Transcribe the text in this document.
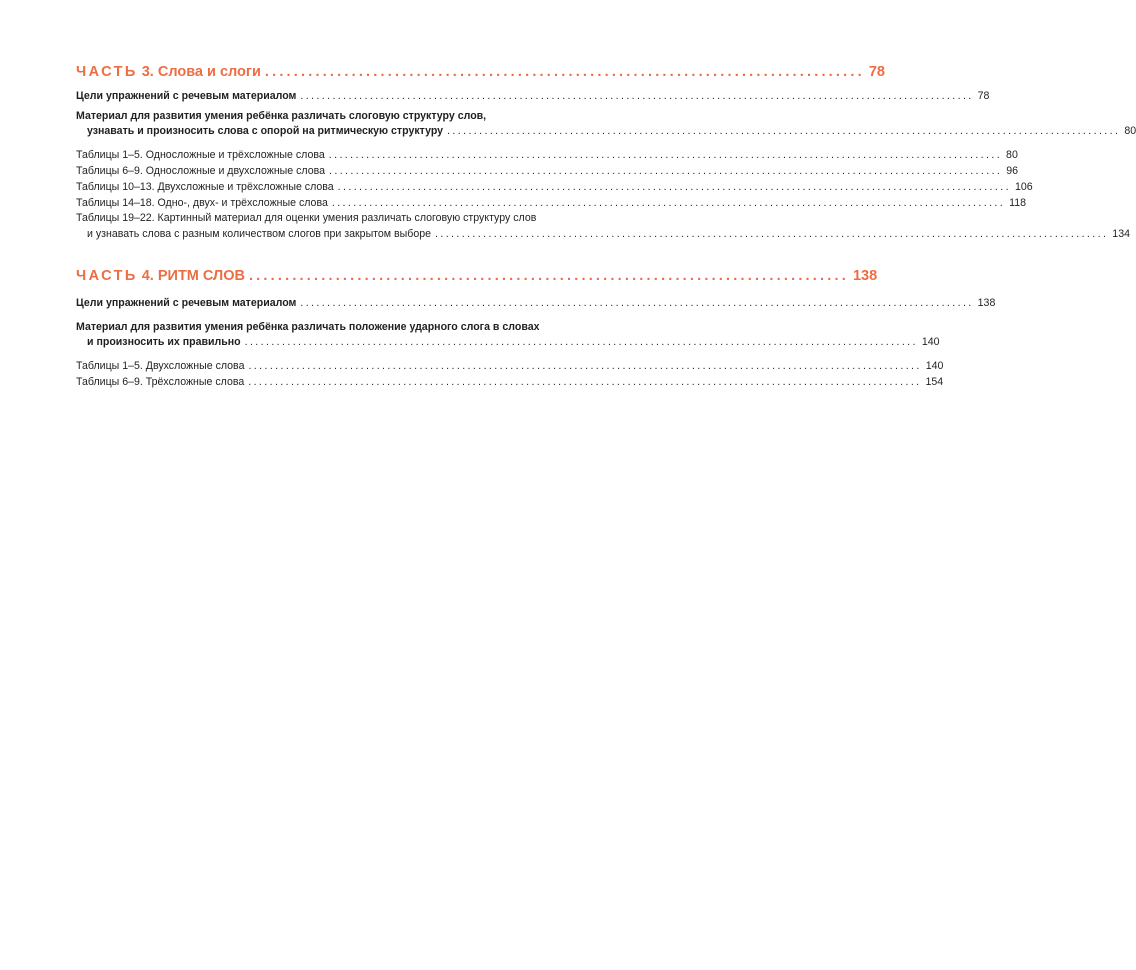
ЧАСТЬ 3. Слова и слоги ................................................................................... 78
Цели упражнений с речевым материалом .............................................................................................................................. 78
Материал для развития умения ребёнка различать слоговую структуру слов,
узнавать и произносить слова с опорой на ритмическую структуру .............................................................................................................................. 80
Таблицы 1–5. Односложные и трёхсложные слова .............................................................................................................................. 80
Таблицы 6–9. Односложные и двухсложные слова .............................................................................................................................. 96
Таблицы 10–13. Двухсложные и трёхсложные слова .............................................................................................................................. 106
Таблицы 14–18. Одно-, двух- и трёхсложные слова .............................................................................................................................. 118
Таблицы 19–22. Картинный материал для оценки умения различать слоговую структуру слов
и узнавать слова с разным количеством слогов при закрытом выборе .............................................................................................................................. 134
ЧАСТЬ 4. РИТМ СЛОВ ................................................................................... 138
Цели упражнений с речевым материалом .............................................................................................................................. 138
Материал для развития умения ребёнка различать положение ударного слога в словах
и произносить их правильно .............................................................................................................................. 140
Таблицы 1–5. Двухсложные слова .............................................................................................................................. 140
Таблицы 6–9. Трёхсложные слова .............................................................................................................................. 154
